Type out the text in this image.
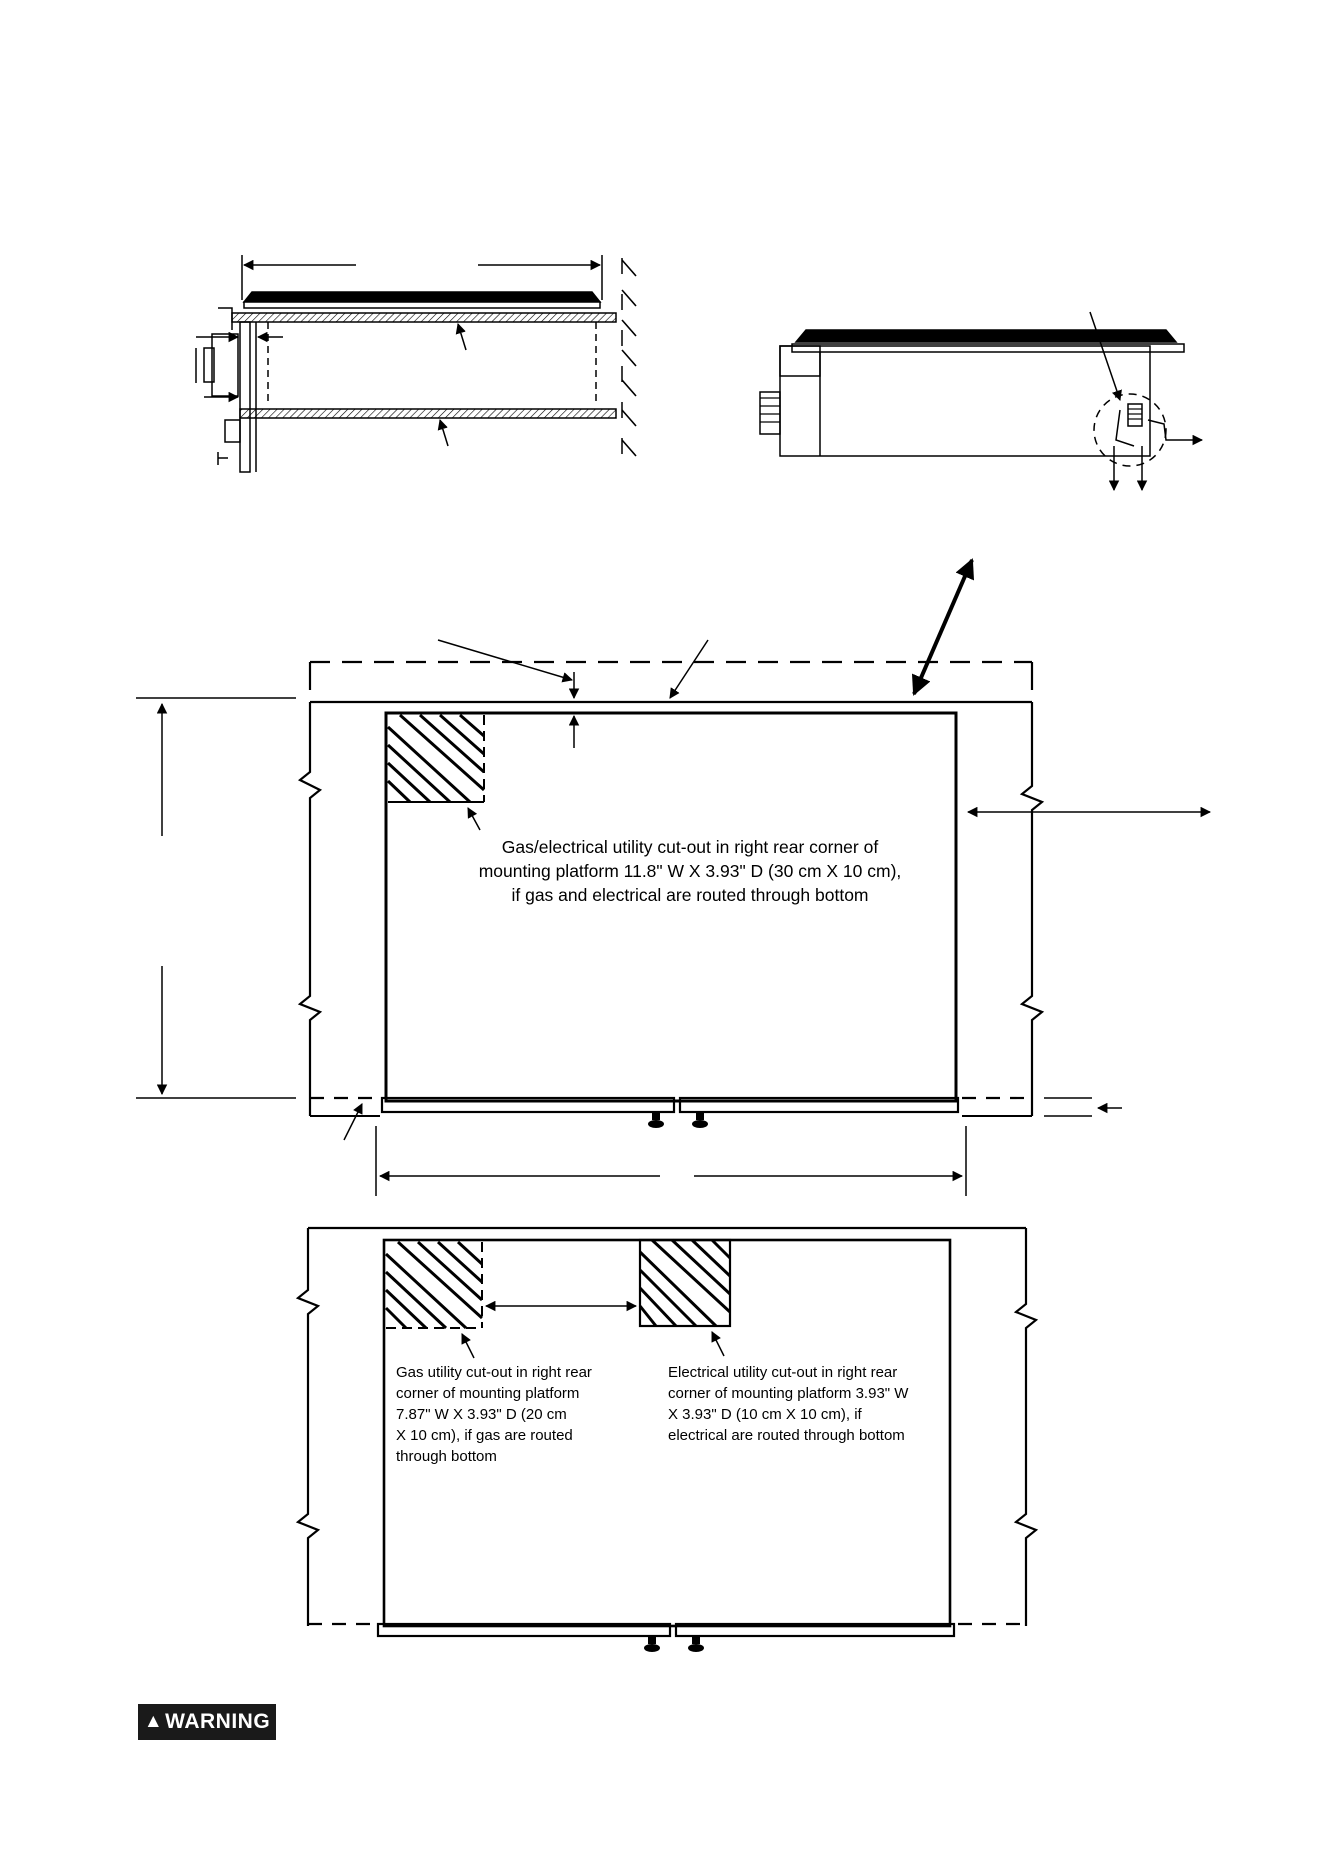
Gas/electrical utility cut-out in right rear corner of
mounting platform 11.8" W X 3.93" D (30 cm X 10 cm),
if gas and electrical are routed through bottom
Gas utility cut-out in right rear
corner of mounting platform
7.87" W X 3.93" D (20 cm
X 10 cm), if gas are routed
through bottom
Electrical utility cut-out in right rear
corner of mounting platform 3.93" W
X 3.93" D (10 cm X 10 cm), if
electrical are routed through bottom
▲ WARNING
